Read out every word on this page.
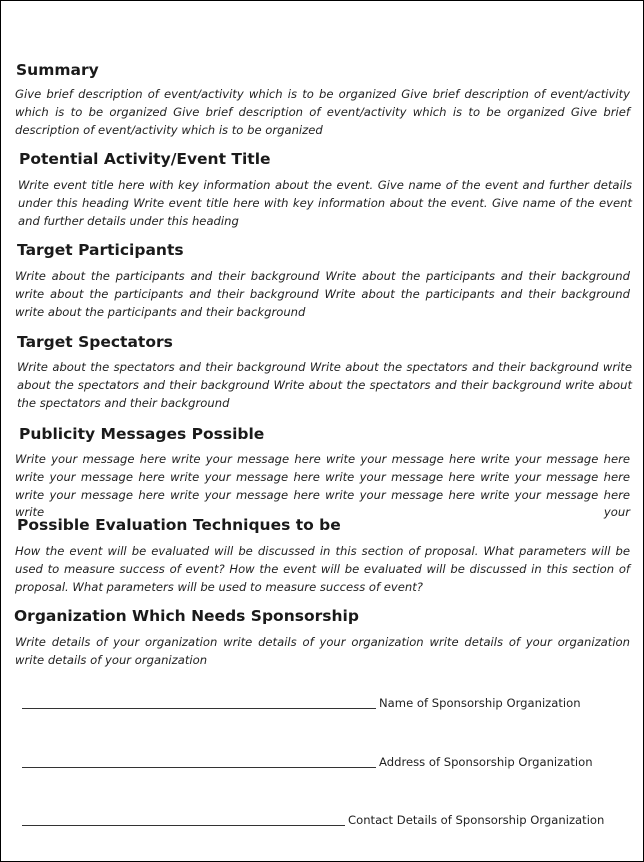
Summary

Give brief description of event/activity which is to be organized Give brief description of event/activity which is to be organized Give brief description of event/activity which is to be organized Give brief description of event/activity which is to be organized

Potential Activity/Event Title

Write event title here with key information about the event. Give name of the event and further details under this heading Write event title here with key information about the event. Give name of the event and further details under this heading

Target Participants

Write about the participants and their background Write about the participants and their background write about the participants and their background Write about the participants and their background write about the participants and their background

Target Spectators

Write about the spectators and their background Write about the spectators and their background write about the spectators and their background Write about the spectators and their background write about the spectators and their background

Publicity Messages Possible

Write your message here write your message here write your message here write your message here write your message here write your message here write your message here write your message here write your message here write your message here write your message here write your message here write your

Possible Evaluation Techniques to be

How the event will be evaluated will be discussed in this section of proposal. What parameters will be used to measure success of event? How the event will be evaluated will be discussed in this section of proposal. What parameters will be used to measure success of event?

Organization Which Needs Sponsorship

Write details of your organization write details of your organization write details of your organization write details of your organization

Name of Sponsorship Organization
Address of Sponsorship Organization
Contact Details of Sponsorship Organization
